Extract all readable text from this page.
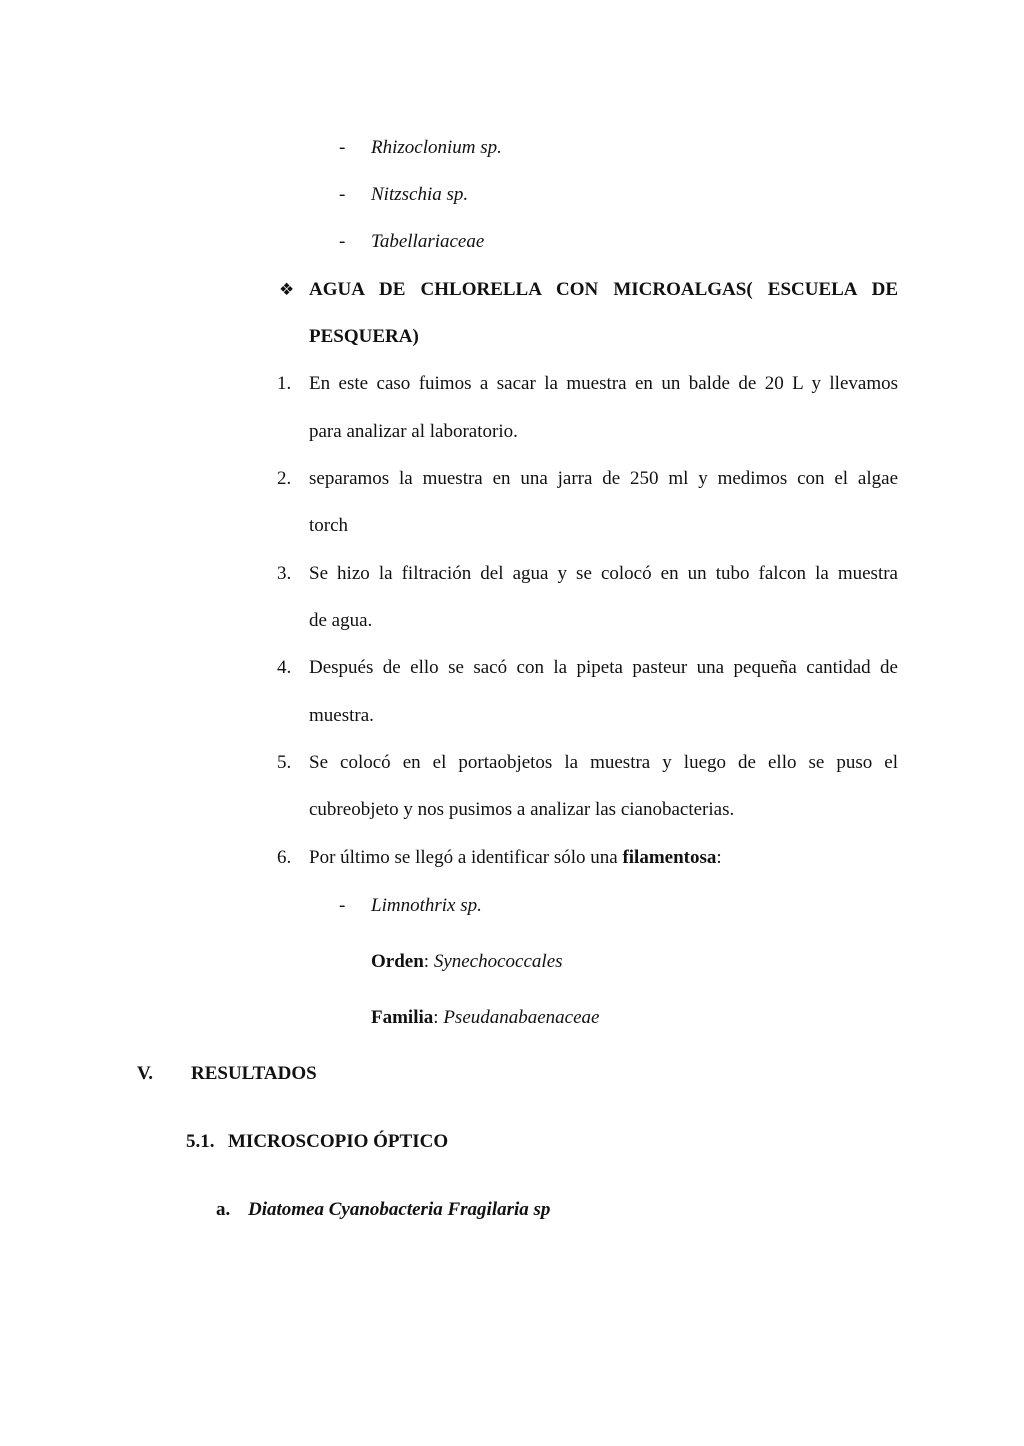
- Rhizoclonium sp.
- Nitzschia sp.
- Tabellariaceae
❖ AGUA DE CHLORELLA CON MICROALGAS( ESCUELA DE
PESQUERA)
1. En este caso fuimos a sacar la muestra en un balde de 20 L y llevamos
para analizar al laboratorio.
2. separamos la muestra en una jarra de 250 ml y medimos con el algae
torch
3. Se hizo la filtración del agua y se colocó en un tubo falcon la muestra
de agua.
4. Después de ello se sacó con la pipeta pasteur una pequeña cantidad de
muestra.
5. Se colocó en el portaobjetos la muestra y luego de ello se puso el
cubreobjeto y nos pusimos a analizar las cianobacterias.
6. Por último se llegó a identificar sólo una filamentosa:
- Limnothrix sp.
Orden: Synechococcales
Familia: Pseudanabaenaceae
V. RESULTADOS
5.1. MICROSCOPIO ÓPTICO
a. Diatomea Cyanobacteria Fragilaria sp
